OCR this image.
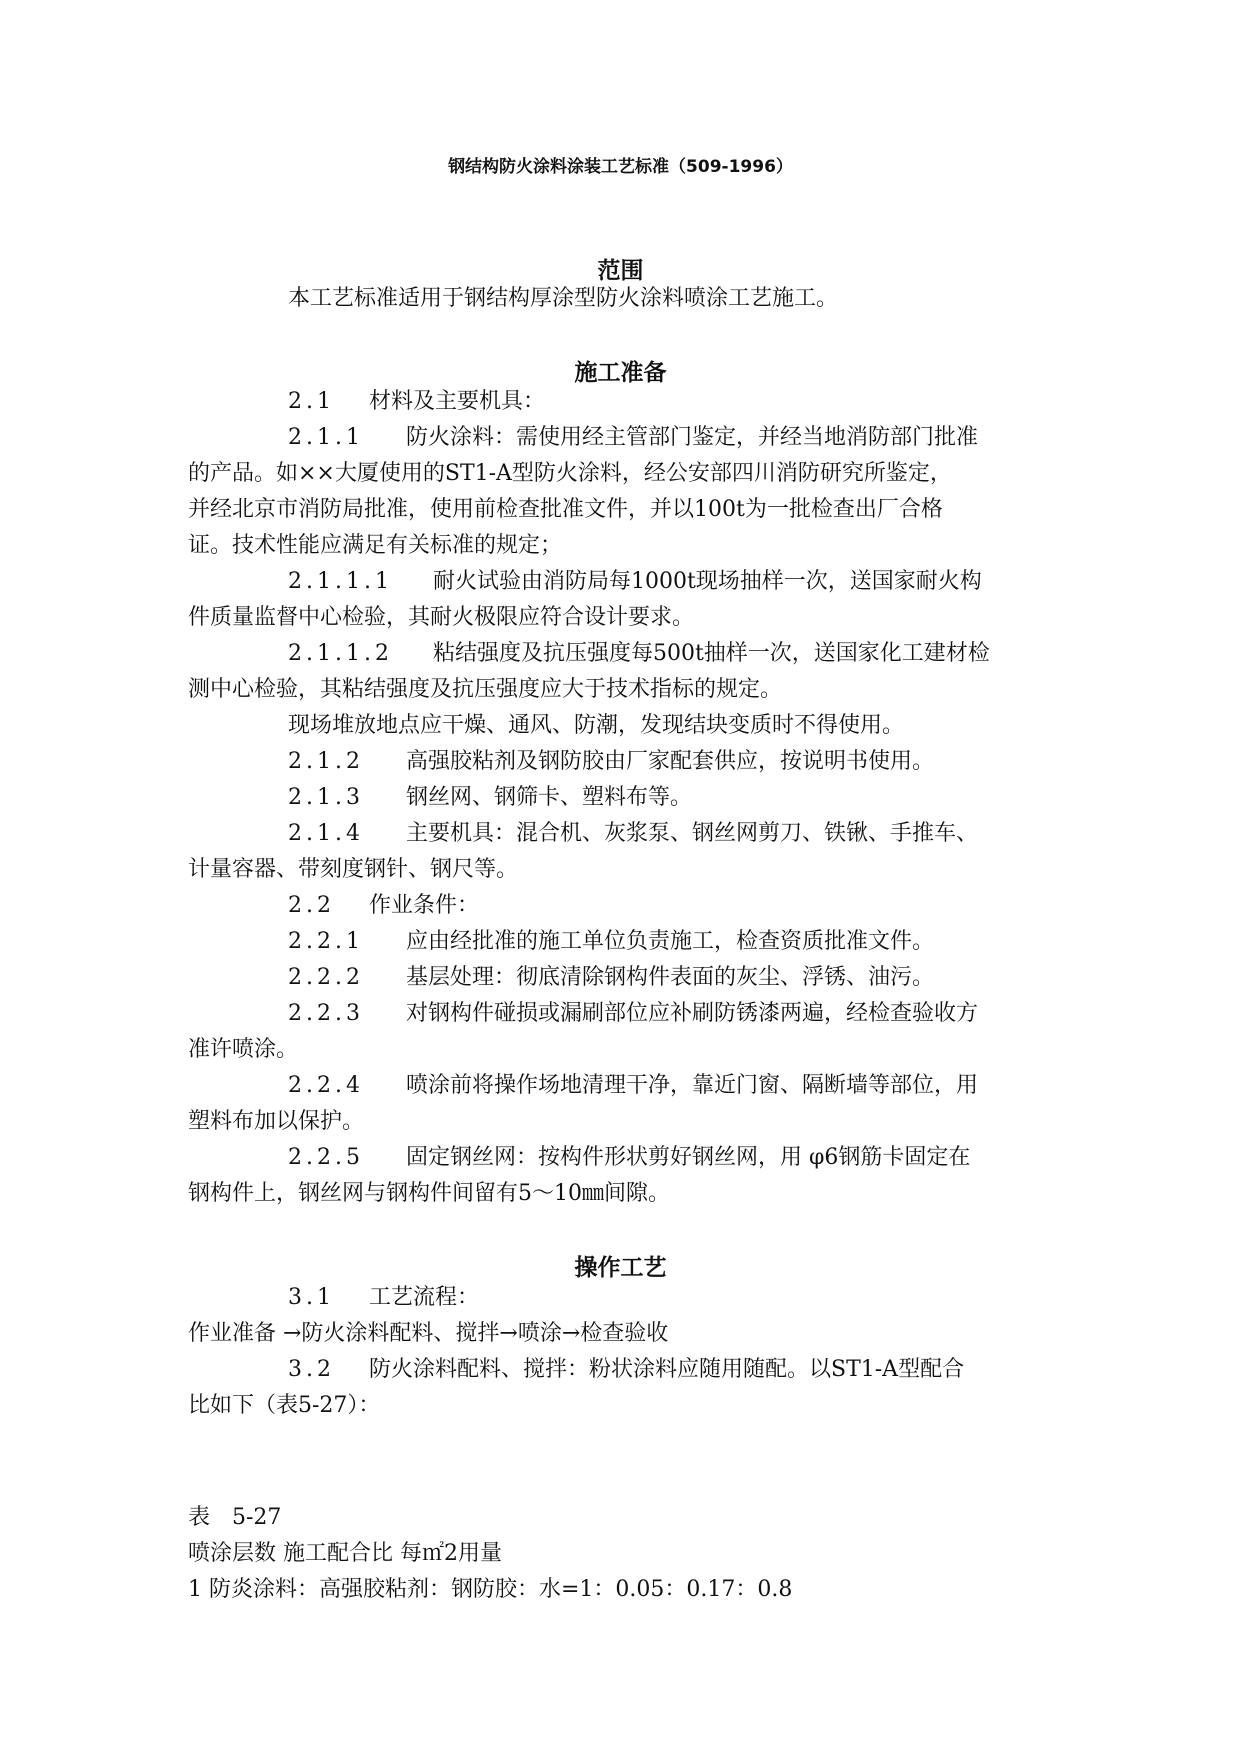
钢结构防火涂料涂装工艺标准（509-1996）
范围
本工艺标准适用于钢结构厚涂型防火涂料喷涂工艺施工。
施工准备
2.1 材料及主要机具：
2.1.1 防火涂料：需使用经主管部门鉴定，并经当地消防部门批准
的产品。如××大厦使用的ST1-A型防火涂料，经公安部四川消防研究所鉴定，
并经北京市消防局批准，使用前检查批准文件，并以100t为一批检查出厂合格
证。技术性能应满足有关标准的规定；
2.1.1.1 耐火试验由消防局每1000t现场抽样一次，送国家耐火构
件质量监督中心检验，其耐火极限应符合设计要求。
2.1.1.2 粘结强度及抗压强度每500t抽样一次，送国家化工建材检
测中心检验，其粘结强度及抗压强度应大于技术指标的规定。
现场堆放地点应干燥、通风、防潮，发现结块变质时不得使用。
2.1.2 高强胶粘剂及钢防胶由厂家配套供应，按说明书使用。
2.1.3 钢丝网、钢筛卡、塑料布等。
2.1.4 主要机具：混合机、灰浆泵、钢丝网剪刀、铁锹、手推车、
计量容器、带刻度钢针、钢尺等。
2.2 作业条件：
2.2.1 应由经批准的施工单位负责施工，检查资质批准文件。
2.2.2 基层处理：彻底清除钢构件表面的灰尘、浮锈、油污。
2.2.3 对钢构件碰损或漏刷部位应补刷防锈漆两遍，经检查验收方
准许喷涂。
2.2.4 喷涂前将操作场地清理干净，靠近门窗、隔断墙等部位，用
塑料布加以保护。
2.2.5 固定钢丝网：按构件形状剪好钢丝网，用 φ6钢筋卡固定在
钢构件上，钢丝网与钢构件间留有5～10㎜间隙。
操作工艺
3.1 工艺流程：
作业准备 →防火涂料配料、搅拌→喷涂→检查验收
3.2 防火涂料配料、搅拌：粉状涂料应随用随配。以ST1-A型配合
比如下（表5-27）：
表　5-27
喷涂层数 施工配合比 每㎡2用量
1 防炎涂料：高强胶粘剂：钢防胶：水=1：0.05：0.17：0.8
